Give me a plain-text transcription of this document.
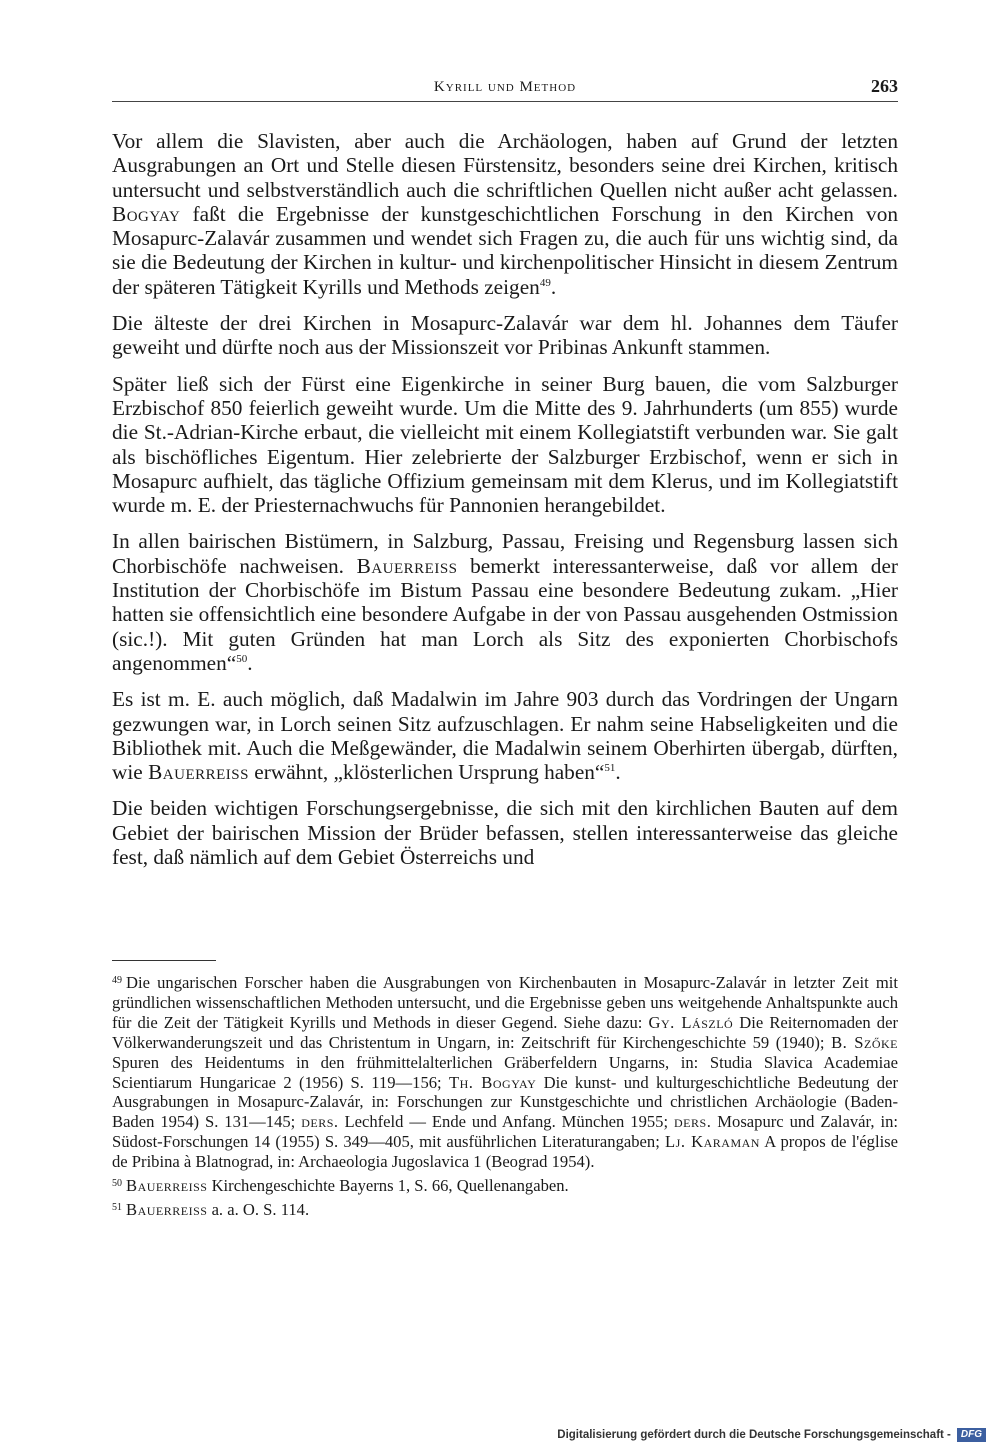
Kyrill und Method	263

Vor allem die Slavisten, aber auch die Archäologen, haben auf Grund der letzten Ausgrabungen an Ort und Stelle diesen Fürstensitz, besonders seine drei Kirchen, kritisch untersucht und selbstverständlich auch die schriftlichen Quellen nicht außer acht gelassen. Bogyay faßt die Ergebnisse der kunstgeschichtlichen Forschung in den Kirchen von Mosapurc-Zalavár zusammen und wendet sich Fragen zu, die auch für uns wichtig sind, da sie die Bedeutung der Kirchen in kultur- und kirchenpolitischer Hinsicht in diesem Zentrum der späteren Tätigkeit Kyrills und Methods zeigen$^{49}$.

Die älteste der drei Kirchen in Mosapurc-Zalavár war dem hl. Johannes dem Täufer geweiht und dürfte noch aus der Missionszeit vor Pribinas Ankunft stammen.

Später ließ sich der Fürst eine Eigenkirche in seiner Burg bauen, die vom Salzburger Erzbischof 850 feierlich geweiht wurde. Um die Mitte des 9. Jahrhunderts (um 855) wurde die St.-Adrian-Kirche erbaut, die vielleicht mit einem Kollegiatstift verbunden war. Sie galt als bischöfliches Eigentum. Hier zelebrierte der Salzburger Erzbischof, wenn er sich in Mosapurc aufhielt, das tägliche Offizium gemeinsam mit dem Klerus, und im Kollegiatstift wurde m. E. der Priesternachwuchs für Pannonien herangebildet.

In allen bairischen Bistümern, in Salzburg, Passau, Freising und Regensburg lassen sich Chorbischöfe nachweisen. Bauerreiss bemerkt interessanterweise, daß vor allem der Institution der Chorbischöfe im Bistum Passau eine besondere Bedeutung zukam. „Hier hatten sie offensichtlich eine besondere Aufgabe in der von Passau ausgehenden Ostmission (sic.!). Mit guten Gründen hat man Lorch als Sitz des exponierten Chorbischofs angenommen“$^{50}$.

Es ist m. E. auch möglich, daß Madalwin im Jahre 903 durch das Vordringen der Ungarn gezwungen war, in Lorch seinen Sitz aufzuschlagen. Er nahm seine Habseligkeiten und die Bibliothek mit. Auch die Meßgewänder, die Madalwin seinem Oberhirten übergab, dürften, wie Bauerreiss erwähnt, „klösterlichen Ursprung haben“$^{51}$.

Die beiden wichtigen Forschungsergebnisse, die sich mit den kirchlichen Bauten auf dem Gebiet der bairischen Mission der Brüder befassen, stellen interessanterweise das gleiche fest, daß nämlich auf dem Gebiet Österreichs und

$^{49}$ Die ungarischen Forscher haben die Ausgrabungen von Kirchenbauten in Mosapurc-Zalavár in letzter Zeit mit gründlichen wissenschaftlichen Methoden untersucht, und die Ergebnisse geben uns weitgehende Anhaltspunkte auch für die Zeit der Tätigkeit Kyrills und Methods in dieser Gegend. Siehe dazu: Gy. László Die Reiternomaden der Völkerwanderungszeit und das Christentum in Ungarn, in: Zeitschrift für Kirchengeschichte 59 (1940); B. Szőke Spuren des Heidentums in den frühmittelalterlichen Gräberfeldern Ungarns, in: Studia Slavica Academiae Scientiarum Hungaricae 2 (1956) S. 119—156; Th. Bogyay Die kunst- und kulturgeschichtliche Bedeutung der Ausgrabungen in Mosapurc-Zalavár, in: Forschungen zur Kunstgeschichte und christlichen Archäologie (Baden-Baden 1954) S. 131—145; ders. Lechfeld — Ende und Anfang. München 1955; ders. Mosapurc und Zalavár, in: Südost-Forschungen 14 (1955) S. 349—405, mit ausführlichen Literaturangaben; Lj. Karaman A propos de l'église de Pribina à Blatnograd, in: Archaeologia Jugoslavica 1 (Beograd 1954).

$^{50}$ Bauerreiss Kirchengeschichte Bayerns 1, S. 66, Quellenangaben.

$^{51}$ Bauerreiss a. a. O. S. 114.

Digitalisierung gefördert durch die Deutsche Forschungsgemeinschaft -	DFG
